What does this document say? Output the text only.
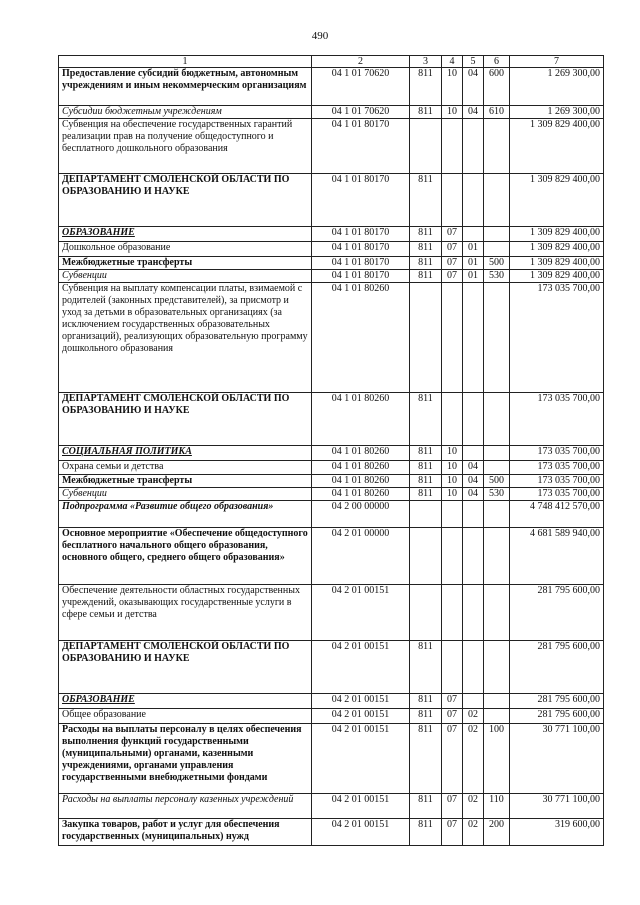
490
1	2	3	4	5	6	7
Предоставление субсидий бюджетным, автономным учреждениям и иным некоммерческим организациям	04 1 01 70620	811	10	04	600	1 269 300,00
Субсидии бюджетным учреждениям	04 1 01 70620	811	10	04	610	1 269 300,00
Субвенция на обеспечение государственных гарантий реализации прав на получение общедоступного и бесплатного дошкольного образования	04 1 01 80170					1 309 829 400,00
ДЕПАРТАМЕНТ СМОЛЕНСКОЙ ОБЛАСТИ ПО ОБРАЗОВАНИЮ И НАУКЕ	04 1 01 80170	811				1 309 829 400,00
ОБРАЗОВАНИЕ	04 1 01 80170	811	07			1 309 829 400,00
Дошкольное образование	04 1 01 80170	811	07	01		1 309 829 400,00
Межбюджетные трансферты	04 1 01 80170	811	07	01	500	1 309 829 400,00
Субвенции	04 1 01 80170	811	07	01	530	1 309 829 400,00
Субвенция на выплату компенсации платы, взимаемой с родителей (законных представителей), за присмотр и уход за детьми в образовательных организациях (за исключением государственных образовательных организаций), реализующих образовательную программу дошкольного образования	04 1 01 80260					173 035 700,00
ДЕПАРТАМЕНТ СМОЛЕНСКОЙ ОБЛАСТИ ПО ОБРАЗОВАНИЮ И НАУКЕ	04 1 01 80260	811				173 035 700,00
СОЦИАЛЬНАЯ ПОЛИТИКА	04 1 01 80260	811	10			173 035 700,00
Охрана семьи и детства	04 1 01 80260	811	10	04		173 035 700,00
Межбюджетные трансферты	04 1 01 80260	811	10	04	500	173 035 700,00
Субвенции	04 1 01 80260	811	10	04	530	173 035 700,00
Подпрограмма «Развитие общего образования»	04 2 00 00000					4 748 412 570,00
Основное мероприятие «Обеспечение общедоступного бесплатного начального общего образования, основного общего, среднего общего образования»	04 2 01 00000					4 681 589 940,00
Обеспечение деятельности областных государственных учреждений, оказывающих государственные услуги в сфере семьи и детства	04 2 01 00151					281 795 600,00
ДЕПАРТАМЕНТ СМОЛЕНСКОЙ ОБЛАСТИ ПО ОБРАЗОВАНИЮ И НАУКЕ	04 2 01 00151	811				281 795 600,00
ОБРАЗОВАНИЕ	04 2 01 00151	811	07			281 795 600,00
Общее образование	04 2 01 00151	811	07	02		281 795 600,00
Расходы на выплаты персоналу в целях обеспечения выполнения функций государственными (муниципальными) органами, казенными учреждениями, органами управления государственными внебюджетными фондами	04 2 01 00151	811	07	02	100	30 771 100,00
Расходы на выплаты персоналу казенных учреждений	04 2 01 00151	811	07	02	110	30 771 100,00
Закупка товаров, работ и услуг для обеспечения государственных (муниципальных) нужд	04 2 01 00151	811	07	02	200	319 600,00
